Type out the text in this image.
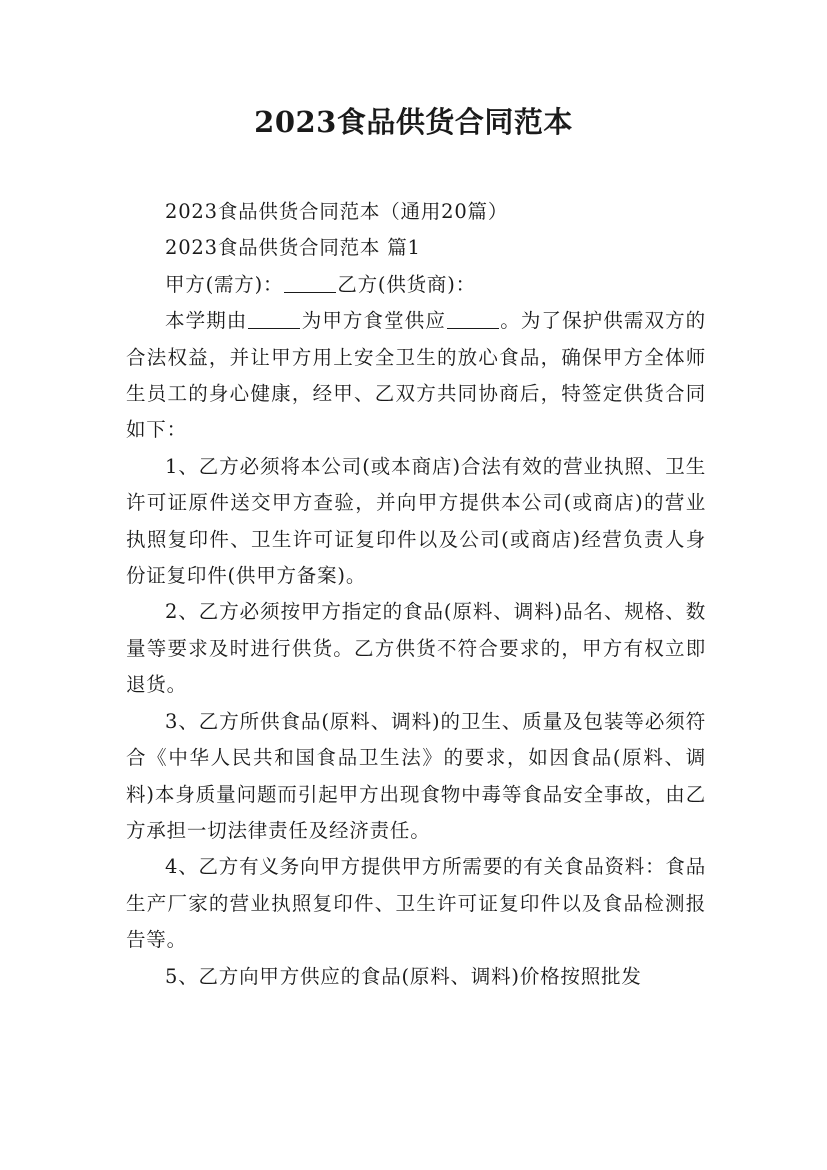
2023食品供货合同范本

2023食品供货合同范本（通用20篇）

2023食品供货合同范本 篇1

甲方(需方)：	乙方(供货商)：

本学期由	为甲方食堂供应	。为了保护供需双方的合法权益，并让甲方用上安全卫生的放心食品，确保甲方全体师生员工的身心健康，经甲、乙双方共同协商后，特签定供货合同如下：

1、乙方必须将本公司(或本商店)合法有效的营业执照、卫生许可证原件送交甲方查验，并向甲方提供本公司(或商店)的营业执照复印件、卫生许可证复印件以及公司(或商店)经营负责人身份证复印件(供甲方备案)。

2、乙方必须按甲方指定的食品(原料、调料)品名、规格、数量等要求及时进行供货。乙方供货不符合要求的，甲方有权立即退货。

3、乙方所供食品(原料、调料)的卫生、质量及包装等必须符合《中华人民共和国食品卫生法》的要求，如因食品(原料、调料)本身质量问题而引起甲方出现食物中毒等食品安全事故，由乙方承担一切法律责任及经济责任。

4、乙方有义务向甲方提供甲方所需要的有关食品资料：食品生产厂家的营业执照复印件、卫生许可证复印件以及食品检测报告等。

5、乙方向甲方供应的食品(原料、调料)价格按照批发
